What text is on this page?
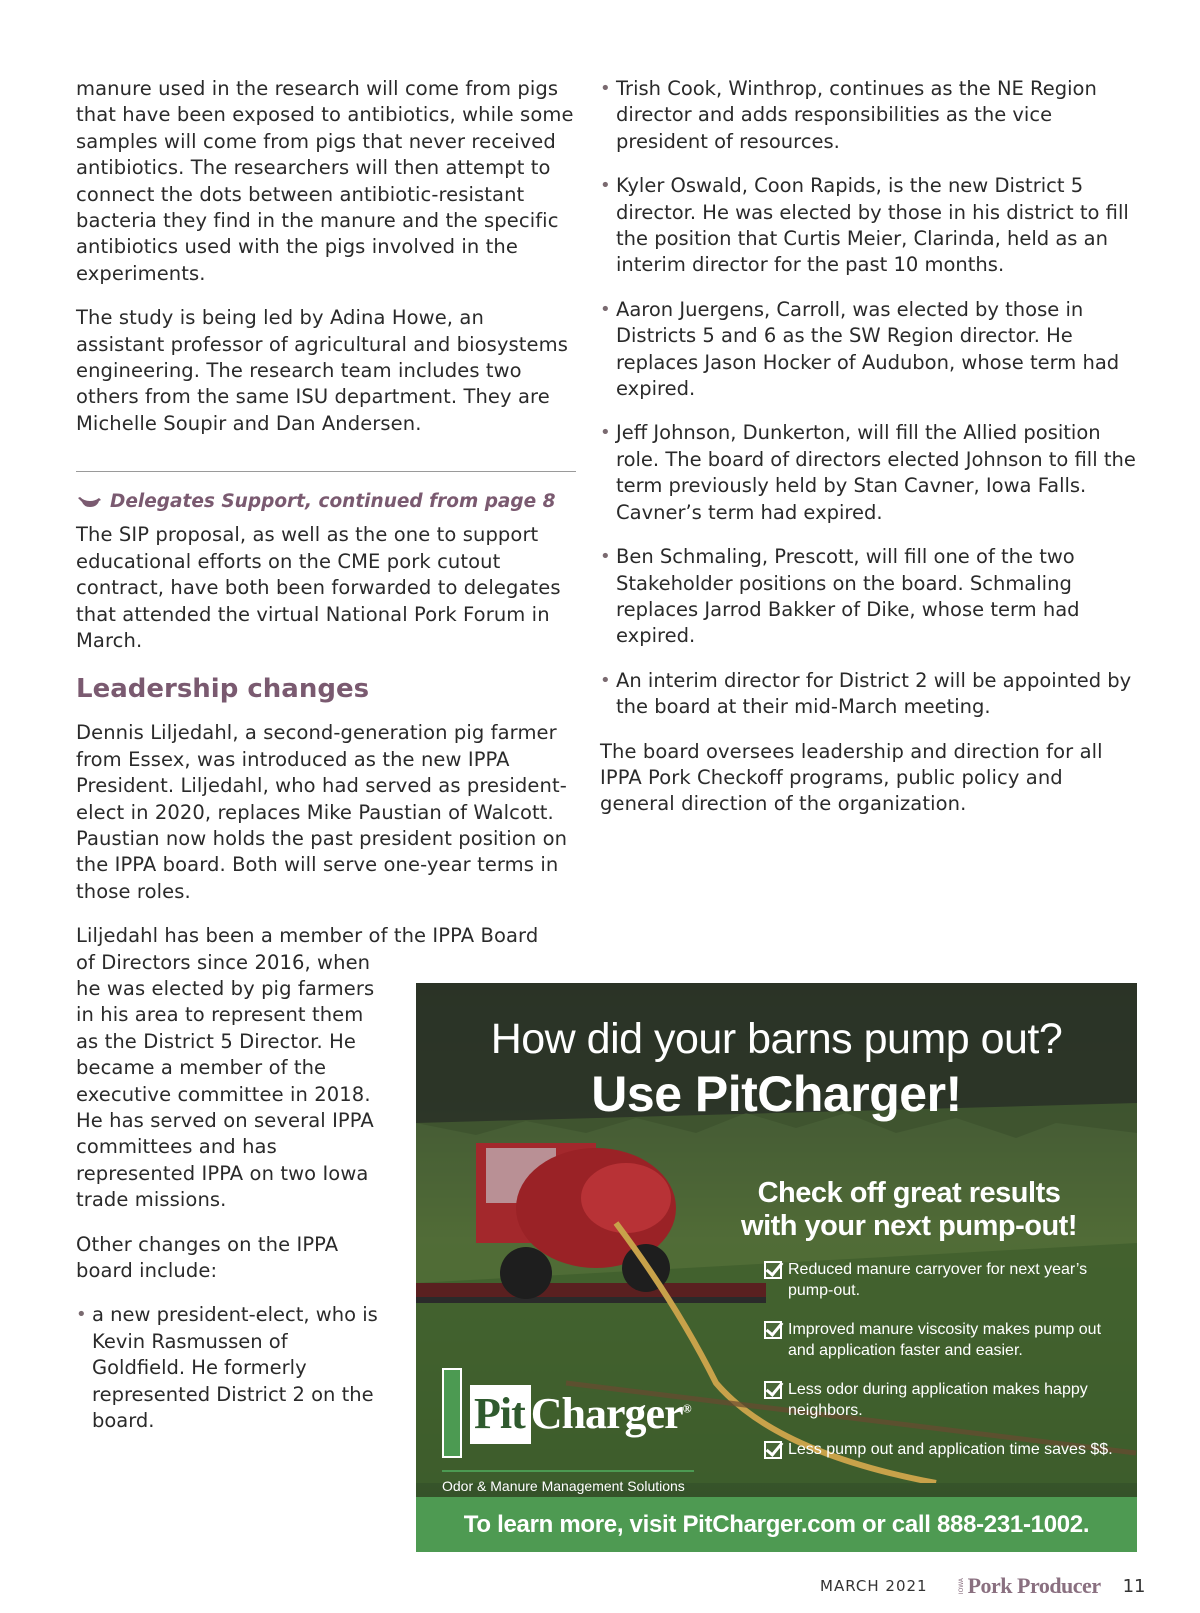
manure used in the research will come from pigs that have been exposed to antibiotics, while some samples will come from pigs that never received antibiotics. The researchers will then attempt to connect the dots between antibiotic-resistant bacteria they find in the manure and the specific antibiotics used with the pigs involved in the experiments.

The study is being led by Adina Howe, an assistant professor of agricultural and biosystems engineering. The research team includes two others from the same ISU department. They are Michelle Soupir and Dan Andersen.

Delegates Support, continued from page 8

The SIP proposal, as well as the one to support educational efforts on the CME pork cutout contract, have both been forwarded to delegates that attended the virtual National Pork Forum in March.

Leadership changes

Dennis Liljedahl, a second-generation pig farmer from Essex, was introduced as the new IPPA President. Liljedahl, who had served as president-elect in 2020, replaces Mike Paustian of Walcott. Paustian now holds the past president position on the IPPA board. Both will serve one-year terms in those roles.

Liljedahl has been a member of the IPPA Board

of Directors since 2016, when he was elected by pig farmers in his area to represent them as the District 5 Director. He became a member of the executive committee in 2018. He has served on several IPPA committees and has represented IPPA on two Iowa trade missions.

Other changes on the IPPA board include:

• a new president-elect, who is Kevin Rasmussen of Goldfield. He formerly represented District 2 on the board.
• Trish Cook, Winthrop, continues as the NE Region director and adds responsibilities as the vice president of resources.
• Kyler Oswald, Coon Rapids, is the new District 5 director. He was elected by those in his district to fill the position that Curtis Meier, Clarinda, held as an interim director for the past 10 months.
• Aaron Juergens, Carroll, was elected by those in Districts 5 and 6 as the SW Region director. He replaces Jason Hocker of Audubon, whose term had expired.
• Jeff Johnson, Dunkerton, will fill the Allied position role. The board of directors elected Johnson to fill the term previously held by Stan Cavner, Iowa Falls. Cavner’s term had expired.
• Ben Schmaling, Prescott, will fill one of the two Stakeholder positions on the board. Schmaling replaces Jarrod Bakker of Dike, whose term had expired.
• An interim director for District 2 will be appointed by the board at their mid-March meeting.

The board oversees leadership and direction for all IPPA Pork Checkoff programs, public policy and general direction of the organization.

How did your barns pump out?
Use PitCharger!
Check off great results
with your next pump-out!
Reduced manure carryover for next year’s pump-out.
Improved manure viscosity makes pump out and application faster and easier.
Less odor during application makes happy neighbors.
Less pump out and application time saves $$.
Pit Charger®
Odor & Manure Management Solutions
To learn more, visit PitCharger.com or call 888-231-1002.
MARCH 2021	IOWA Pork Producer 11
